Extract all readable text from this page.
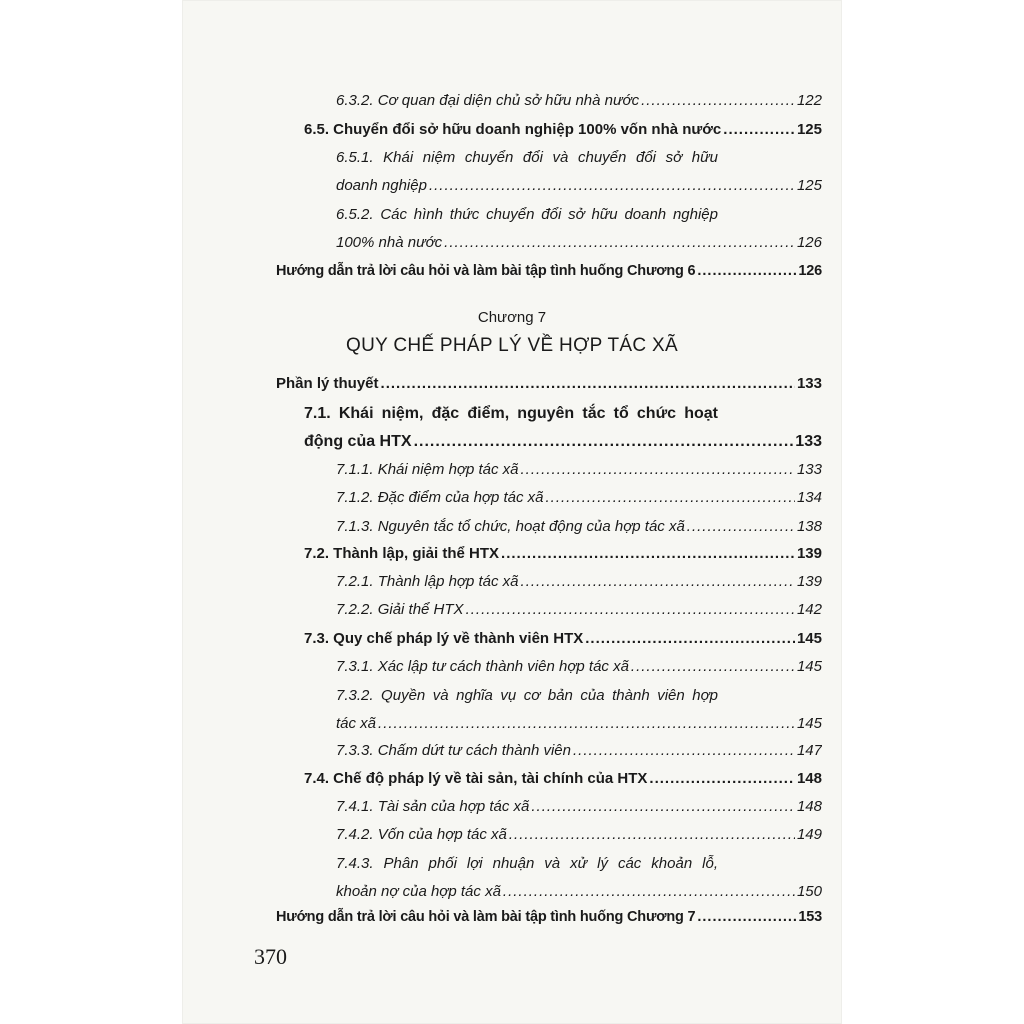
6.3.2. Cơ quan đại diện chủ sở hữu nhà nước .....	122
6.5. Chuyển đổi sở hữu doanh nghiệp 100% vốn nhà nước .....	125
6.5.1. Khái niệm chuyển đổi và chuyển đổi sở hữu
doanh nghiệp .....	125
6.5.2. Các hình thức chuyển đổi sở hữu doanh nghiệp
100% nhà nước .....	126
Hướng dẫn trả lời câu hỏi và làm bài tập tình huống Chương 6 .....	126
Chương 7
QUY CHẾ PHÁP LÝ VỀ HỢP TÁC XÃ
Phần lý thuyết .....	133
7.1. Khái niệm, đặc điểm, nguyên tắc tổ chức hoạt
động của HTX .....	133
7.1.1. Khái niệm hợp tác xã .....	133
7.1.2. Đặc điểm của hợp tác xã .....	134
7.1.3. Nguyên tắc tổ chức, hoạt động của hợp tác xã .....	138
7.2. Thành lập, giải thể HTX .....	139
7.2.1. Thành lập hợp tác xã .....	139
7.2.2. Giải thể HTX .....	142
7.3. Quy chế pháp lý về thành viên HTX .....	145
7.3.1. Xác lập tư cách thành viên hợp tác xã .....	145
7.3.2. Quyền và nghĩa vụ cơ bản của thành viên hợp
tác xã .....	145
7.3.3. Chấm dứt tư cách thành viên .....	147
7.4. Chế độ pháp lý về tài sản, tài chính của HTX .....	148
7.4.1. Tài sản của hợp tác xã .....	148
7.4.2. Vốn của hợp tác xã .....	149
7.4.3. Phân phối lợi nhuận và xử lý các khoản lỗ,
khoản nợ của hợp tác xã .....	150
Hướng dẫn trả lời câu hỏi và làm bài tập tình huống Chương 7 .....	153
370
